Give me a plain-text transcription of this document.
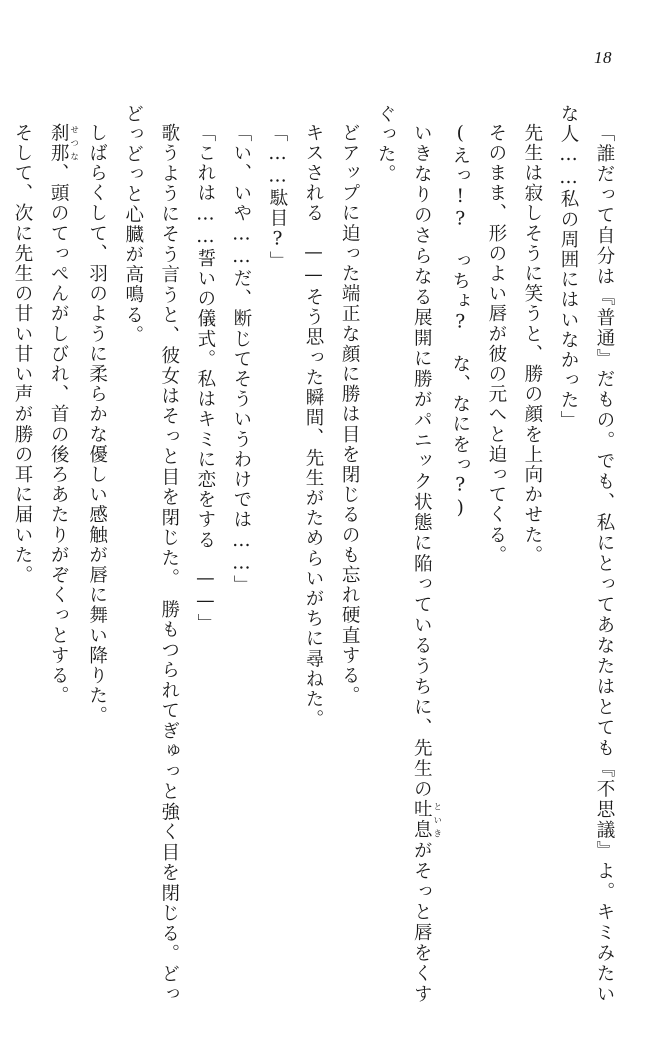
18

「誰だって自分は『普通』だもの。でも、私にとってあなたはとても『不思議』よ。キミみたいな人……私の周囲にはいなかった」

先生は寂しそうに笑うと、勝の顔を上向かせた。

そのまま、形のよい唇が彼の元へと迫ってくる。

(えっ!?　っちょ?　な、なにをっ?)

いきなりのさらなる展開に勝がパニック状態に陥っているうちに、先生の吐息 といきがそっと唇をくすぐった。

どアップに迫った端正な顔に勝は目を閉じるのも忘れ硬直する。

キスされる——そう思った瞬間、先生がためらいがちに尋ねた。

「……駄目?」

「い、いや……だ、断じてそういうわけでは……」

「これは……誓いの儀式。私はキミに恋をする——」

歌うようにそう言うと、彼女はそっと目を閉じた。　勝もつられてぎゅっと強く目を閉じる。どっどっどっと心臓が高鳴る。

しばらくして、羽のように柔らかな優しい感触が唇に舞い降りた。

刹那 せつな、頭のてっぺんがしびれ、首の後ろあたりがぞくっとする。

そして、次に先生の甘い甘い声が勝の耳に届いた。
